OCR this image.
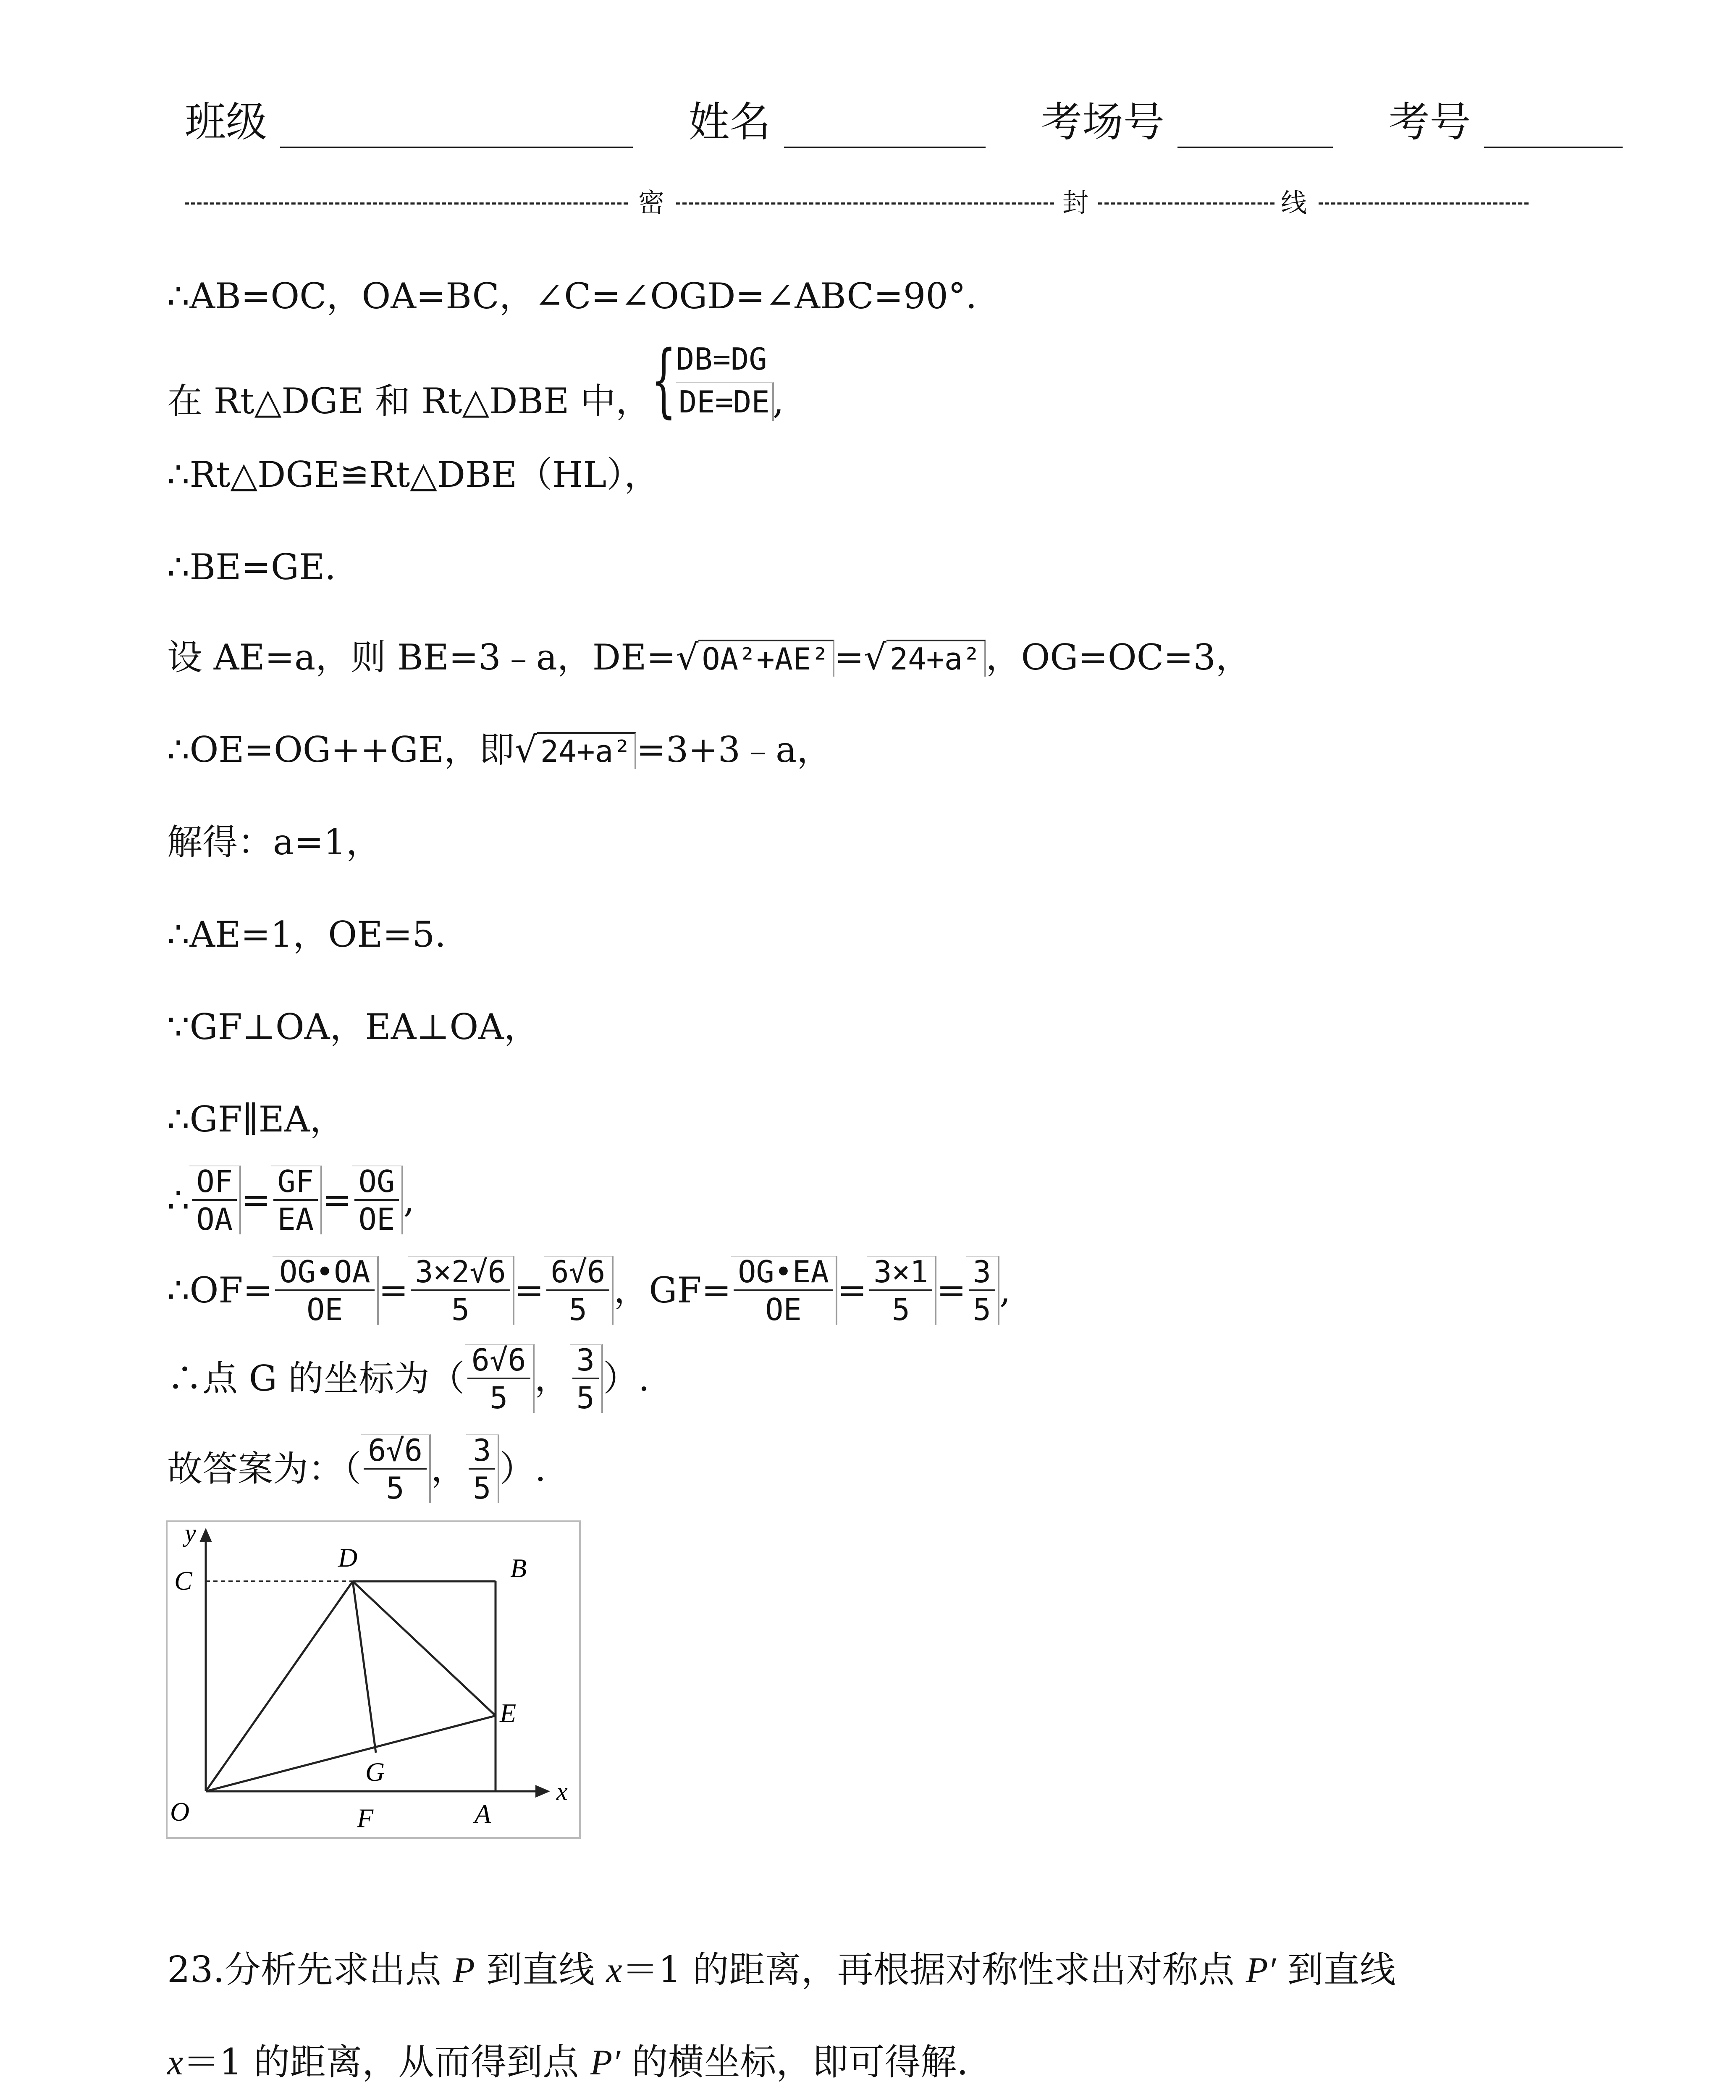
班级	姓名	考场号	考号
密	封	线
∴AB=OC，OA=BC，∠C=∠OGD=∠ABC=90°．
在 Rt△DGE 和 Rt△DBE 中， { DB=DG
DE=DE ,
∴Rt△DGE≌Rt△DBE（HL），
∴BE=GE.
设 AE=a，则 BE=3﹣a，DE=√ OA²+AE² =√ 24+a² ，OG=OC=3，
∴OE=OG++GE，即√ 24+a² =3+3﹣a，
解得：a=1，
∴AE=1，OE=5.
∵GF⊥OA，EA⊥OA，
∴GF∥EA，
∴ $\frac{OF}{OA} = \frac{GF}{EA} = \frac{OG}{OE}$ ,
∴OF= $\frac{OG•OA}{OE} = \frac{3\times 2√6}{5} = \frac{6√6}{5}$ ，$GF= \frac{OG•EA}{OE} = \frac{3\times 1}{5} = \frac{3}{5}$ ,
∴点 G 的坐标为（ $\frac{6√6}{5}$ ， $\frac{3}{5}$ ）.
故答案为：（ $\frac{6√6}{5}$ ， $\frac{3}{5}$ ）.
y
x
C
D	B
E
G
O	F	A
23.分析先求出点 P 到直线 x＝1 的距离，再根据对称性求出对称点 P′ 到直线
x＝1 的距离，从而得到点 P′ 的横坐标，即可得解.
